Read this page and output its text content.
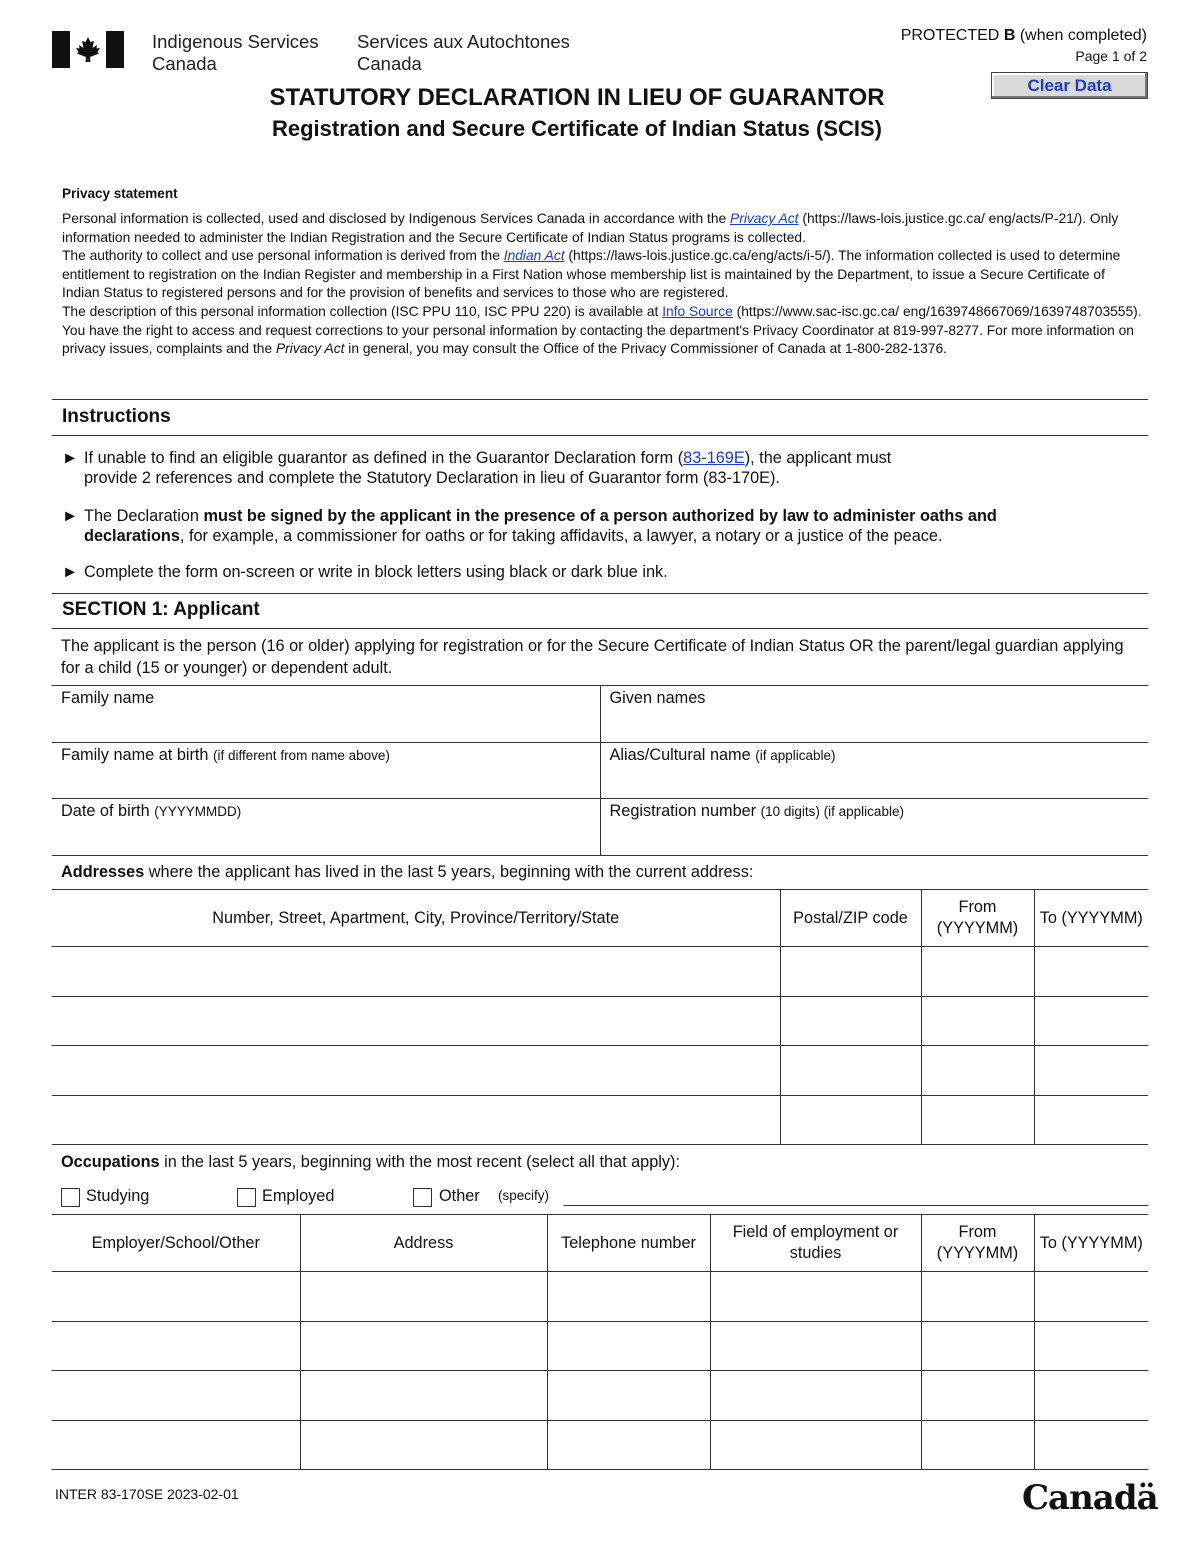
Indigenous Services
Canada
Services aux Autochtones
Canada
PROTECTED B (when completed)
Page 1 of 2
Clear Data
STATUTORY DECLARATION IN LIEU OF GUARANTOR
Registration and Secure Certificate of Indian Status (SCIS)
Privacy statement
Personal information is collected, used and disclosed by Indigenous Services Canada in accordance with the Privacy Act (https://laws-lois.justice.gc.ca/ eng/acts/P-21/). Only information needed to administer the Indian Registration and the Secure Certificate of Indian Status programs is collected.
The authority to collect and use personal information is derived from the Indian Act (https://laws-lois.justice.gc.ca/eng/acts/i-5/). The information collected is used to determine entitlement to registration on the Indian Register and membership in a First Nation whose membership list is maintained by the Department, to issue a Secure Certificate of Indian Status to registered persons and for the provision of benefits and services to those who are registered.
The description of this personal information collection (ISC PPU 110, ISC PPU 220) is available at Info Source (https://www.sac-isc.gc.ca/ eng/1639748667069/1639748703555). You have the right to access and request corrections to your personal information by contacting the department's Privacy Coordinator at 819-997-8277. For more information on privacy issues, complaints and the Privacy Act in general, you may consult the Office of the Privacy Commissioner of Canada at 1-800-282-1376.
Instructions
► If unable to find an eligible guarantor as defined in the Guarantor Declaration form (83-169E), the applicant must
provide 2 references and complete the Statutory Declaration in lieu of Guarantor form (83-170E).
► The Declaration must be signed by the applicant in the presence of a person authorized by law to administer oaths and
declarations, for example, a commissioner for oaths or for taking affidavits, a lawyer, a notary or a justice of the peace.
► Complete the form on-screen or write in block letters using black or dark blue ink.
SECTION 1: Applicant
The applicant is the person (16 or older) applying for registration or for the Secure Certificate of Indian Status OR the parent/legal guardian applying for a child (15 or younger) or dependent adult.
Family name	Given names
Family name at birth (if different from name above)	Alias/Cultural name (if applicable)
Date of birth (YYYYMMDD)	Registration number (10 digits) (if applicable)
Addresses where the applicant has lived in the last 5 years, beginning with the current address:
Number, Street, Apartment, City, Province/Territory/State	Postal/ZIP code	From (YYYYMM)	To (YYYYMM)

Occupations in the last 5 years, beginning with the most recent (select all that apply):
Studying	Employed	Other (specify)
Employer/School/Other	Address	Telephone number	Field of employment or studies	From (YYYYMM)	To (YYYYMM)

INTER 83-170SE 2023-02-01	Canadä
